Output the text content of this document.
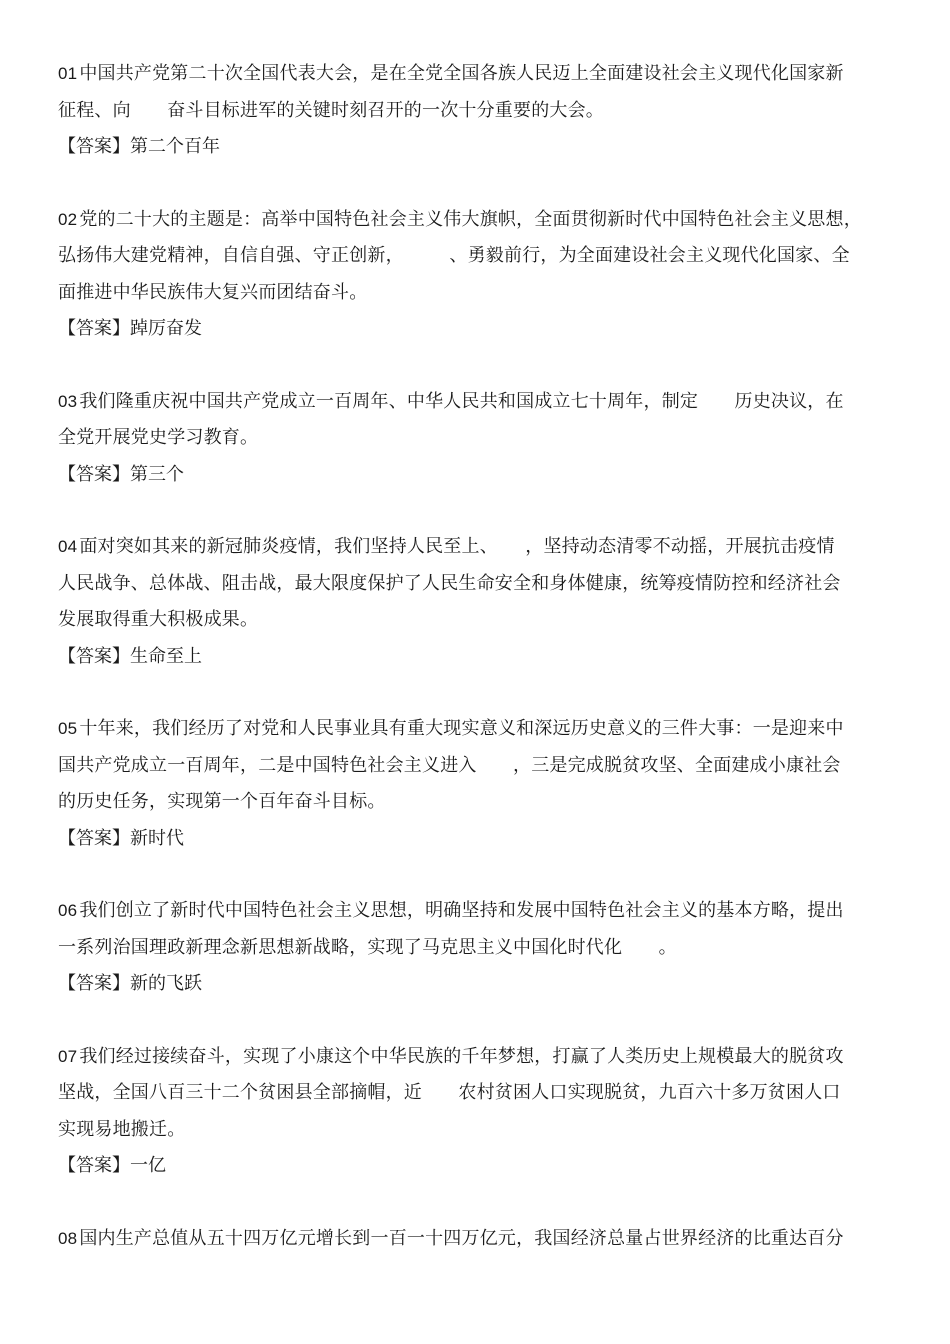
01 中国共产党第二十次全国代表大会，是在全党全国各族人民迈上全面建设社会主义现代化国家新
征程、向　　奋斗目标进军的关键时刻召开的一次十分重要的大会。
【答案】第二个百年
02 党的二十大的主题是：高举中国特色社会主义伟大旗帜，全面贯彻新时代中国特色社会主义思想，
弘扬伟大建党精神，自信自强、守正创新，　　　、勇毅前行，为全面建设社会主义现代化国家、全
面推进中华民族伟大复兴而团结奋斗。
【答案】踔厉奋发
03 我们隆重庆祝中国共产党成立一百周年、中华人民共和国成立七十周年，制定　　历史决议，在
全党开展党史学习教育。
【答案】第三个
04 面对突如其来的新冠肺炎疫情，我们坚持人民至上、　　，坚持动态清零不动摇，开展抗击疫情
人民战争、总体战、阻击战，最大限度保护了人民生命安全和身体健康，统筹疫情防控和经济社会
发展取得重大积极成果。
【答案】生命至上
05 十年来，我们经历了对党和人民事业具有重大现实意义和深远历史意义的三件大事：一是迎来中
国共产党成立一百周年，二是中国特色社会主义进入　　，三是完成脱贫攻坚、全面建成小康社会
的历史任务，实现第一个百年奋斗目标。
【答案】新时代
06 我们创立了新时代中国特色社会主义思想，明确坚持和发展中国特色社会主义的基本方略，提出
一系列治国理政新理念新思想新战略，实现了马克思主义中国化时代化　　。
【答案】新的飞跃
07 我们经过接续奋斗，实现了小康这个中华民族的千年梦想，打赢了人类历史上规模最大的脱贫攻
坚战，全国八百三十二个贫困县全部摘帽，近　　农村贫困人口实现脱贫，九百六十多万贫困人口
实现易地搬迁。
【答案】一亿
08 国内生产总值从五十四万亿元增长到一百一十四万亿元，我国经济总量占世界经济的比重达百分
